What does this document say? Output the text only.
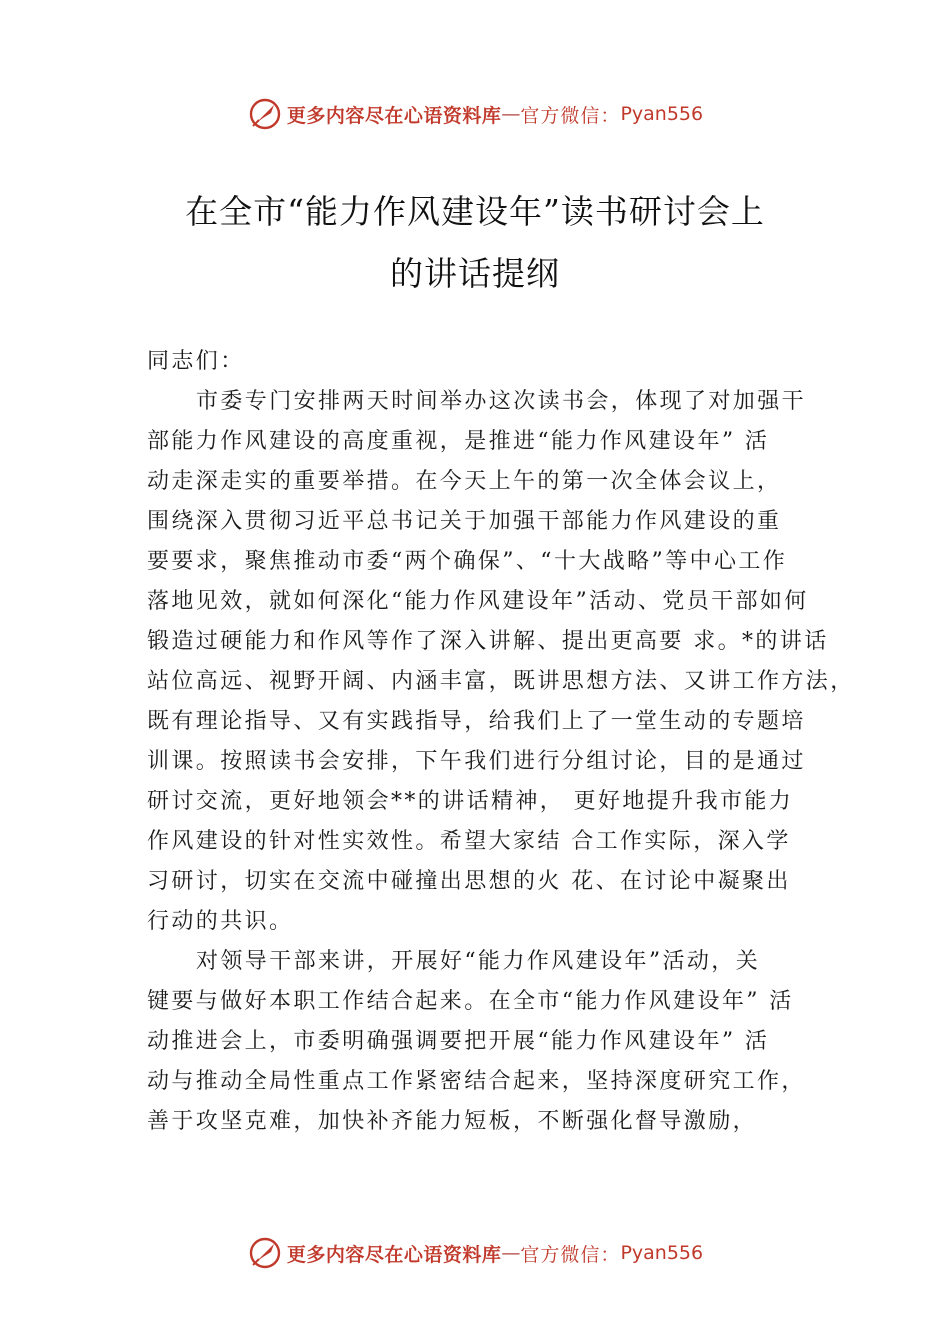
更多内容尽在心语资料库 — 官方微信： Pyan556
在全市“能力作风建设年”读书研讨会上
的讲话提纲
同志们：
市委专门安排两天时间举办这次读书会，体现了对加强干
部能力作风建设的高度重视，是推进“能力作风建设年” 活
动走深走实的重要举措。在今天上午的第一次全体会议上，
围绕深入贯彻习近平总书记关于加强干部能力作风建设的重
要要求，聚焦推动市委“两个确保”、“十大战略”等中心工作
落地见效，就如何深化“能力作风建设年”活动、党员干部如何
锻造过硬能力和作风等作了深入讲解、提出更高要 求。*的讲话
站位高远、视野开阔、内涵丰富，既讲思想方法、又讲工作方法，
既有理论指导、又有实践指导，给我们上了一堂生动的专题培
训课。按照读书会安排，下午我们进行分组讨论，目的是通过
研讨交流，更好地领会**的讲话精神， 更好地提升我市能力
作风建设的针对性实效性。希望大家结 合工作实际，深入学
习研讨，切实在交流中碰撞出思想的火 花、在讨论中凝聚出
行动的共识。
对领导干部来讲，开展好“能力作风建设年”活动，关
键要与做好本职工作结合起来。在全市“能力作风建设年” 活
动推进会上，市委明确强调要把开展“能力作风建设年” 活
动与推动全局性重点工作紧密结合起来，坚持深度研究工作，
善于攻坚克难，加快补齐能力短板，不断强化督导激励，
更多内容尽在心语资料库 — 官方微信： Pyan556
